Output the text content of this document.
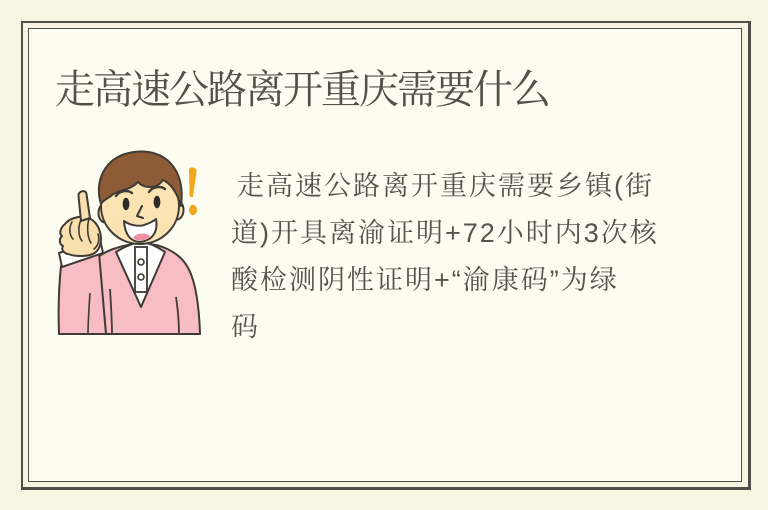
走高速公路离开重庆需要什么
走高速公路离开重庆需要乡镇(街
道)开具离渝证明+72小时内3次核
酸检测阴性证明+“渝康码”为绿
码
